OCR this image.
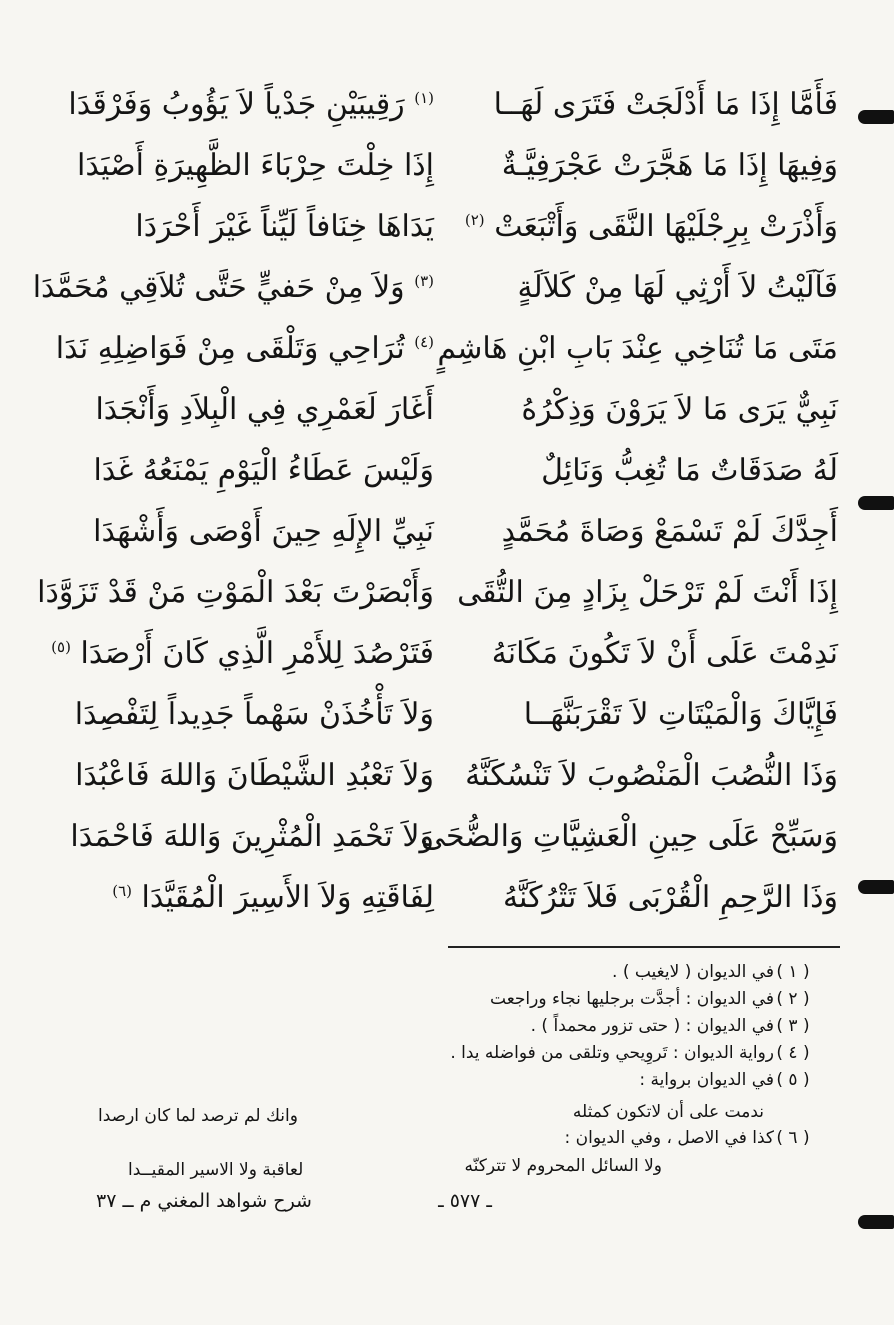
فَأَمَّا إِذَا مَا أَدْلَجَتْ فَتَرَى لَهَــا
$^{(١)}$ رَقِيبَيْنِ جَدْياً لاَ يَؤُوبُ وَفَرْقَدَا
وَفِيهَا إِذَا مَا هَجَّرَتْ عَجْرَفِيَّـةٌ
إِذَا خِلْتَ حِرْبَاءَ الظَّهِيرَةِ أَصْيَدَا
وَأَذْرَتْ بِرِجْلَيْهَا النَّقَى وَأَتْبَعَتْ $^{(٢)}$
يَدَاهَا خِنَافاً لَيِّناً غَيْرَ أَحْرَدَا
فَآلَيْتُ لاَ أَرْثِي لَهَا مِنْ كَلاَلَةٍ
$^{(٣)}$ وَلاَ مِنْ حَفيٍّ حَتَّى تُلاَقِي مُحَمَّدَا
مَتَى مَا تُنَاخِي عِنْدَ بَابِ ابْنِ هَاشِمٍ
$^{(٤)}$ تُرَاحِي وَتَلْقَى مِنْ فَوَاضِلِهِ نَدَا
نَبِيٌّ يَرَى مَا لاَ يَرَوْنَ وَذِكْرُهُ
أَغَارَ لَعَمْرِي فِي الْبِلاَدِ وَأَنْجَدَا
لَهُ صَدَقَاتٌ مَا تُغِبُّ وَنَائِلٌ
وَلَيْسَ عَطَاءُ الْيَوْمِ يَمْنَعُهُ غَدَا
أَجِدَّكَ لَمْ تَسْمَعْ وَصَاةَ مُحَمَّدٍ
نَبِيِّ الإِلَهِ حِينَ أَوْصَى وَأَشْهَدَا
إِذَا أَنْتَ لَمْ تَرْحَلْ بِزَادٍ مِنَ التُّقَى
وَأَبْصَرْتَ بَعْدَ الْمَوْتِ مَنْ قَدْ تَزَوَّدَا
نَدِمْتَ عَلَى أَنْ لاَ تَكُونَ مَكَانَهُ
فَتَرْصُدَ لِلأَمْرِ الَّذِي كَانَ أَرْصَدَا $^{(٥)}$
فَإِيَّاكَ وَالْمَيْتَاتِ لاَ تَقْرَبَنَّهَــا
وَلاَ تَأْخُذَنْ سَهْماً جَدِيداً لِتَفْصِدَا
وَذَا النُّصُبَ الْمَنْصُوبَ لاَ تَنْسُكَنَّهُ
وَلاَ تَعْبُدِ الشَّيْطَانَ وَاللهَ فَاعْبُدَا
وَسَبِّحْ عَلَى حِينِ الْعَشِيَّاتِ وَالضُّحَى
وَلاَ تَحْمَدِ الْمُثْرِينَ وَاللهَ فَاحْمَدَا
وَذَا الرَّحِمِ الْقُرْبَى فَلاَ تَتْرُكَنَّهُ
لِفَاقَتِهِ وَلاَ الأَسِيرَ الْمُقَيَّدَا $^{(٦)}$
( ١ )
في الديوان ( لايغيب ) .
( ٢ )
في الديوان : أجدَّت برجليها نجاء وراجعت
( ٣ )
في الديوان : ( حتى تزور محمداً ) .
( ٤ )
رواية الديوان : تَروِيحي وتلقى من فواضله يدا .
( ٥ )
في الديوان برواية :
ندمت على أن لاتكون كمثله
وانك لم ترصد لما كان ارصدا
( ٦ )
كذا في الاصل ، وفي الديوان :
ولا السائل المحروم لا تتركنّه
لعاقبة ولا الاسير المقيــدا
ـ ٥٧٧ ـ
شرح شواهد المغني م ــ ٣٧
